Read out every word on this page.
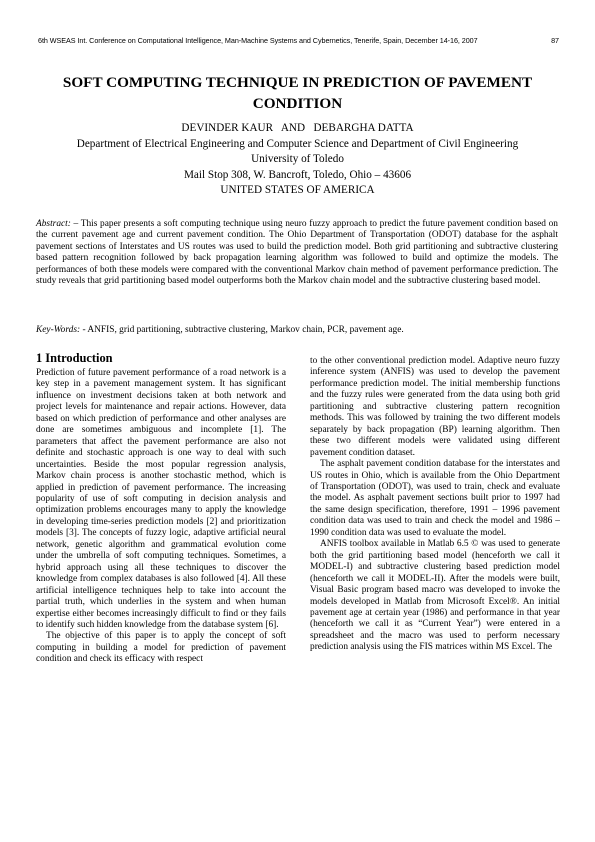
6th WSEAS Int. Conference on Computational Intelligence, Man-Machine Systems and Cybernetics, Tenerife, Spain, December 14-16, 2007	87
SOFT COMPUTING TECHNIQUE IN PREDICTION OF PAVEMENT
CONDITION
DEVINDER KAUR   AND   DEBARGHA DATTA
Department of Electrical Engineering and Computer Science and Department of Civil Engineering
University of Toledo
Mail Stop 308, W. Bancroft, Toledo, Ohio – 43606
UNITED STATES OF AMERICA
Abstract: – This paper presents a soft computing technique using neuro fuzzy approach to predict the future pavement condition based on the current pavement age and current pavement condition. The Ohio Department of Transportation (ODOT) database for the asphalt pavement sections of Interstates and US routes was used to build the prediction model. Both grid partitioning and subtractive clustering based pattern recognition followed by back propagation learning algorithm was followed to build and optimize the models. The performances of both these models were compared with the conventional Markov chain method of pavement performance prediction. The study reveals that grid partitioning based model outperforms both the Markov chain model and the subtractive clustering based model.
Key-Words: - ANFIS, grid partitioning, subtractive clustering, Markov chain, PCR, pavement age.
1 Introduction

Prediction of future pavement performance of a road network is a key step in a pavement management system. It has significant influence on investment decisions taken at both network and project levels for maintenance and repair actions. However, data based on which prediction of performance and other analyses are done are sometimes ambiguous and incomplete [1]. The parameters that affect the pavement performance are also not definite and stochastic approach is one way to deal with such uncertainties. Beside the most popular regression analysis, Markov chain process is another stochastic method, which is applied in prediction of pavement performance. The increasing popularity of use of soft computing in decision analysis and optimization problems encourages many to apply the knowledge in developing time-series prediction models [2] and prioritization models [3]. The concepts of fuzzy logic, adaptive artificial neural network, genetic algorithm and grammatical evolution come under the umbrella of soft computing techniques. Sometimes, a hybrid approach using all these techniques to discover the knowledge from complex databases is also followed [4]. All these artificial intelligence techniques help to take into account the partial truth, which underlies in the system and when human expertise either becomes increasingly difficult to find or they fails to identify such hidden knowledge from the database system [6].

The objective of this paper is to apply the concept of soft computing in building a model for prediction of pavement condition and check its efficacy with respect

to the other conventional prediction model. Adaptive neuro fuzzy inference system (ANFIS) was used to develop the pavement performance prediction model. The initial membership functions and the fuzzy rules were generated from the data using both grid partitioning and subtractive clustering pattern recognition methods. This was followed by training the two different models separately by back propagation (BP) learning algorithm. Then these two different models were validated using different pavement condition dataset.

The asphalt pavement condition database for the interstates and US routes in Ohio, which is available from the Ohio Department of Transportation (ODOT), was used to train, check and evaluate the model. As asphalt pavement sections built prior to 1997 had the same design specification, therefore, 1991 – 1996 pavement condition data was used to train and check the model and 1986 – 1990 condition data was used to evaluate the model.

ANFIS toolbox available in Matlab 6.5 © was used to generate both the grid partitioning based model (henceforth we call it MODEL-I) and subtractive clustering based prediction model (henceforth we call it MODEL-II). After the models were built, Visual Basic program based macro was developed to invoke the models developed in Matlab from Microsoft Excel®. An initial pavement age at certain year (1986) and performance in that year (henceforth we call it as “Current Year”) were entered in a spreadsheet and the macro was used to perform necessary prediction analysis using the FIS matrices within MS Excel. The
